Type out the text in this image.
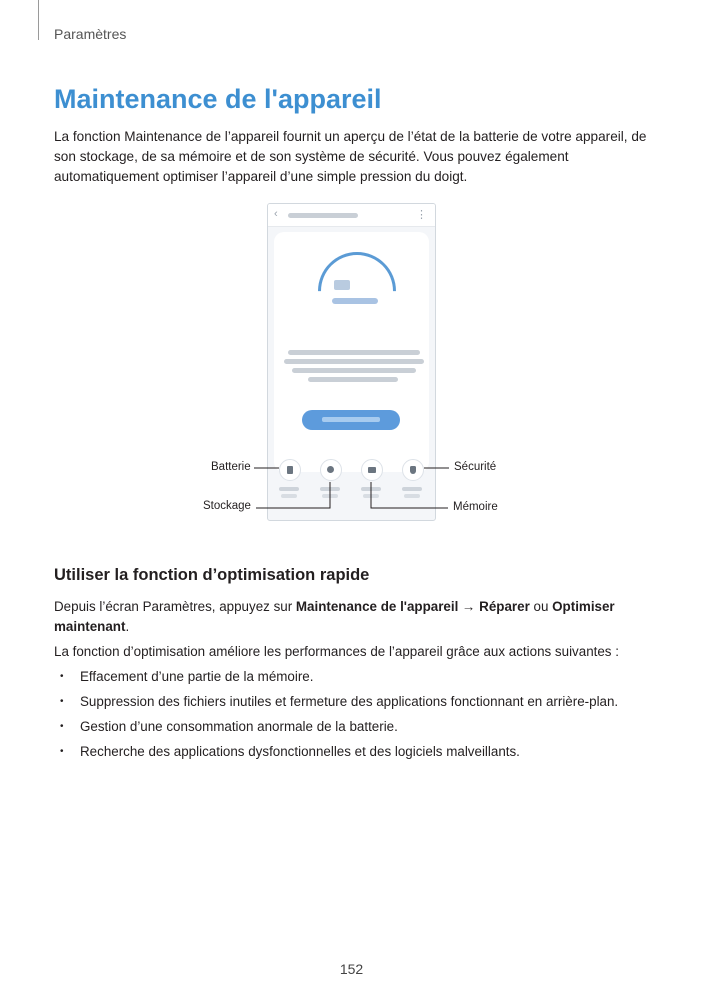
Paramètres
Maintenance de l'appareil

La fonction Maintenance de l’appareil fournit un aperçu de l’état de la batterie de votre appareil, de son stockage, de sa mémoire et de son système de sécurité. Vous pouvez également automatiquement optimiser l’appareil d’une simple pression du doigt.

‹	⋮
Batterie
Stockage
Sécurité
Mémoire
Utiliser la fonction d’optimisation rapide

Depuis l’écran Paramètres, appuyez sur Maintenance de l'appareil → Réparer ou Optimiser maintenant.

La fonction d’optimisation améliore les performances de l’appareil grâce aux actions suivantes :

• Effacement d’une partie de la mémoire.
• Suppression des fichiers inutiles et fermeture des applications fonctionnant en arrière-plan.
• Gestion d’une consommation anormale de la batterie.
• Recherche des applications dysfonctionnelles et des logiciels malveillants.
152
